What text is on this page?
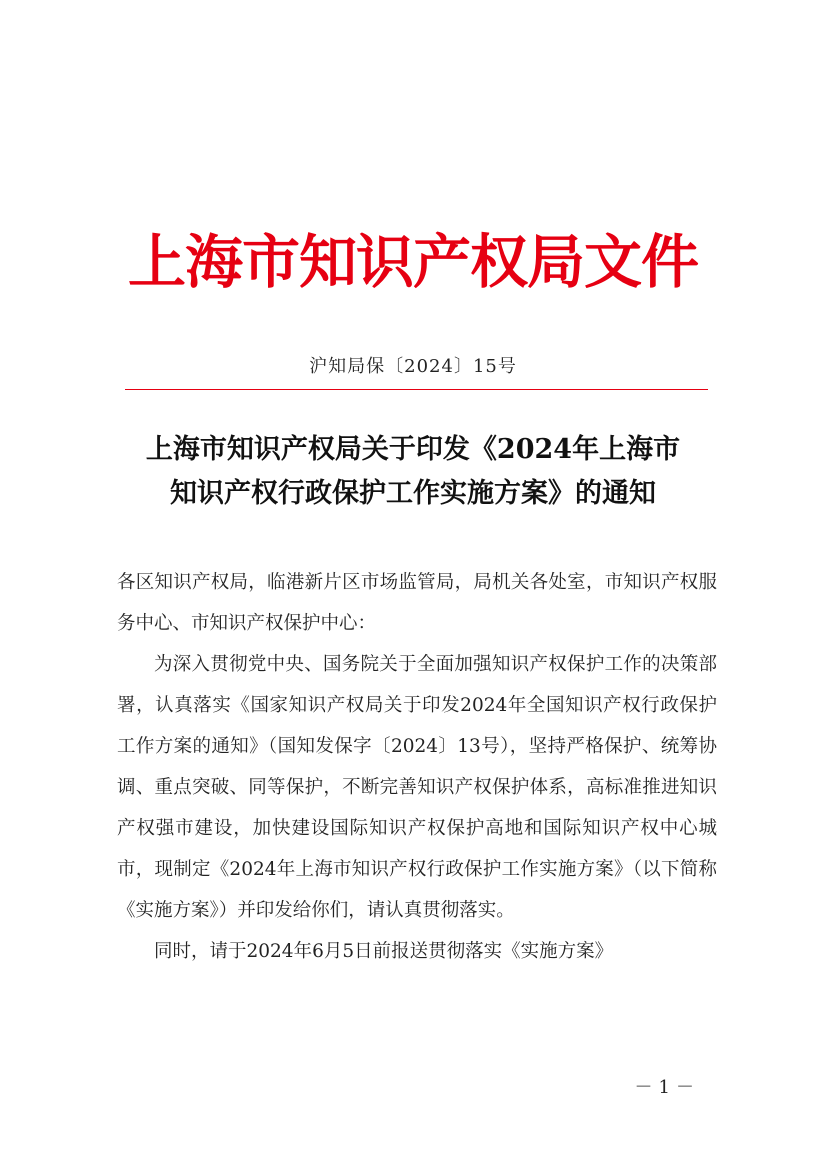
上海市知识产权局文件
沪知局保〔2024〕15号
上海市知识产权局关于印发《2024年上海市
知识产权行政保护工作实施方案》的通知

各区知识产权局，临港新片区市场监管局，局机关各处室，市知识产权服务中心、市知识产权保护中心：

为深入贯彻党中央、国务院关于全面加强知识产权保护工作的决策部署，认真落实《国家知识产权局关于印发2024年全国知识产权行政保护工作方案的通知》（国知发保字〔2024〕13号），坚持严格保护、统筹协调、重点突破、同等保护，不断完善知识产权保护体系，高标准推进知识产权强市建设，加快建设国际知识产权保护高地和国际知识产权中心城市，现制定《2024年上海市知识产权行政保护工作实施方案》（以下简称《实施方案》）并印发给你们，请认真贯彻落实。

同时，请于2024年6月5日前报送贯彻落实《实施方案》

－1－
